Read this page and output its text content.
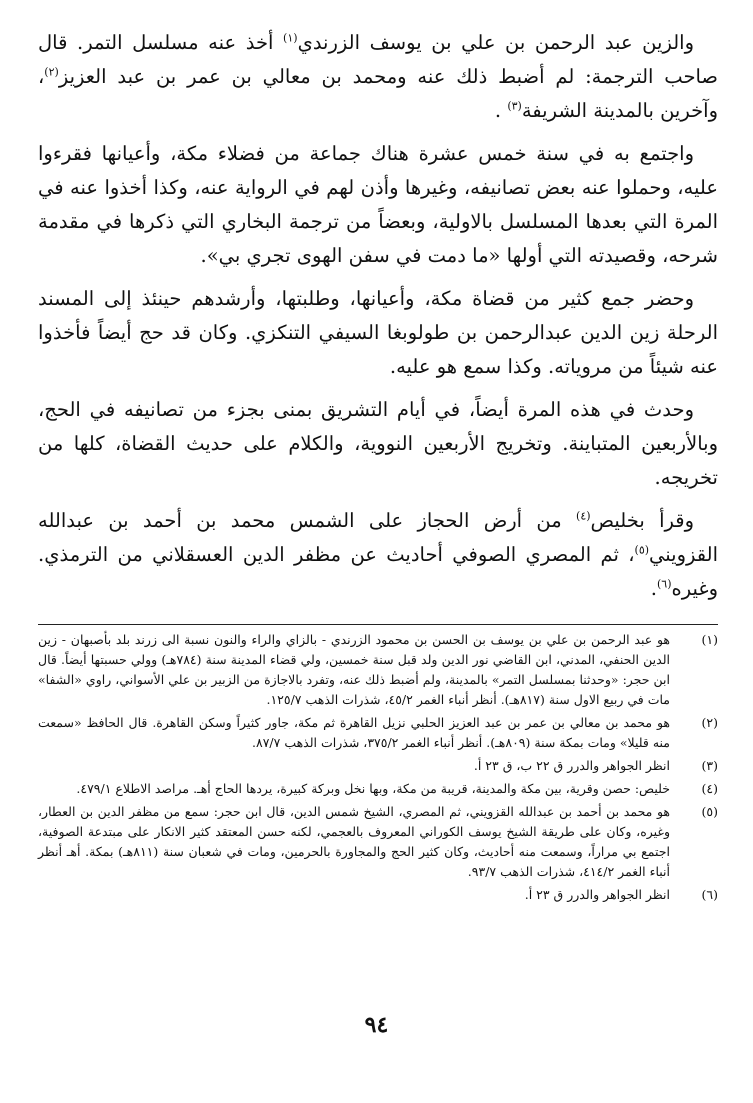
والزين عبد الرحمن بن علي بن يوسف الزرندي$^{(١)}$ أخذ عنه مسلسل التمر. قال صاحب الترجمة: لم أضبط ذلك عنه ومحمد بن معالي بن عمر بن عبد العزيز$^{(٢)}$، وآخرين بالمدينة الشريفة$^{(٣)}$ .

واجتمع به في سنة خمس عشرة هناك جماعة من فضلاء مكة، وأعيانها فقرءوا عليه، وحملوا عنه بعض تصانيفه، وغيرها وأذن لهم في الرواية عنه، وكذا أخذوا عنه في المرة التي بعدها المسلسل بالاولية، وبعضاً من ترجمة البخاري التي ذكرها في مقدمة شرحه، وقصيدته التي أولها «ما دمت في سفن الهوى تجري بي».

وحضر جمع كثير من قضاة مكة، وأعيانها، وطلبتها، وأرشدهم حينئذ إلى المسند الرحلة زين الدين عبدالرحمن بن طولوبغا السيفي التنكزي. وكان قد حج أيضاً فأخذوا عنه شيئاً من مروياته. وكذا سمع هو عليه.

وحدث في هذه المرة أيضاً، في أيام التشريق بمنى بجزء من تصانيفه في الحج، وبالأربعين المتباينة. وتخريج الأربعين النووية، والكلام على حديث القضاة، كلها من تخريجه.

وقرأ بخليص$^{(٤)}$ من أرض الحجاز على الشمس محمد بن أحمد بن عبدالله القزويني$^{(٥)}$، ثم المصري الصوفي أحاديث عن مظفر الدين العسقلاني من الترمذي. وغيره$^{(٦)}$.

(١)
هو عبد الرحمن بن علي بن يوسف بن الحسن بن محمود الزرندي - بالزاي والراء والنون نسبة الى زرند بلد بأصبهان - زين الدين الحنفي، المدني، ابن القاضي نور الدين ولد قبل سنة خمسين، ولي قضاء المدينة سنة (٧٨٤هـ) وولي حسبتها أيضاً. قال ابن حجر: «وحدثنا بمسلسل التمر» بالمدينة، ولم أضبط ذلك عنه، وتفرد بالاجازة من الزبير بن علي الأسواني، راوي «الشفا» مات في ربيع الاول سنة (٨١٧هـ). أنظر أنباء الغمر ٤٥/٢، شذرات الذهب ١٢٥/٧.
(٢)
هو محمد بن معالي بن عمر بن عبد العزيز الحلبي نزيل القاهرة ثم مكة، جاور كثيراً وسكن القاهرة. قال الحافظ «سمعت منه قليلا» ومات بمكة سنة (٨٠٩هـ). أنظر أنباء الغمر ٣٧٥/٢، شذرات الذهب ٨٧/٧.
(٣)
انظر الجواهر والدرر ق ٢٢ ب، ق ٢٣ أ.
(٤)
خليص: حصن وقرية، بين مكة والمدينة، قريبة من مكة، وبها نخل وبركة كبيرة، يردها الحاج أهـ. مراصد الاطلاع ٤٧٩/١.
(٥)
هو محمد بن أحمد بن عبدالله القزويني، ثم المصري، الشيخ شمس الدين، قال ابن حجر: سمع من مظفر الدين بن العطار، وغيره، وكان على طريقة الشيخ يوسف الكوراني المعروف بالعجمي، لكنه حسن المعتقد كثير الانكار على مبتدعة الصوفية، اجتمع بي مراراً، وسمعت منه أحاديث، وكان كثير الحج والمجاورة بالحرمين، ومات في شعبان سنة (٨١١هـ) بمكة. أهـ أنظر أنباء الغمر ٤١٤/٢، شذرات الذهب ٩٣/٧.
(٦)
انظر الجواهر والدرر ق ٢٣ أ.
٩٤
